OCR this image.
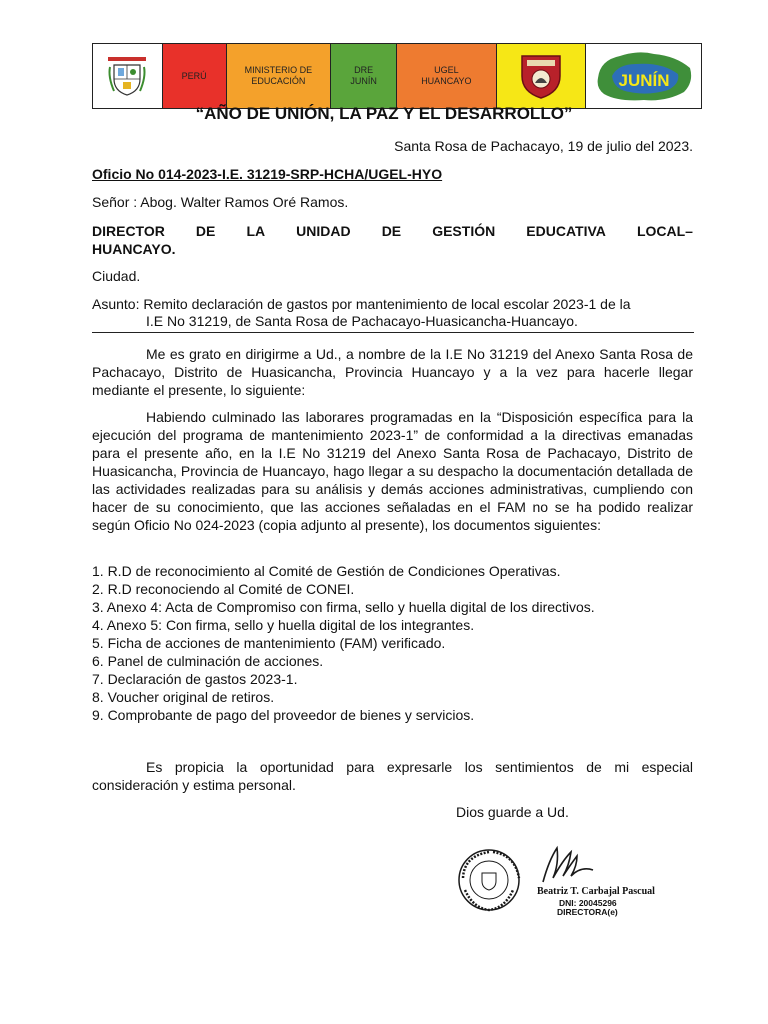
PERÚ
MINISTERIO DE EDUCACIÓN
DRE
JUNÍN
UGEL
HUANCAYO	JUNÍN
“AÑO DE UNIÓN, LA PAZ Y EL DESARROLLO”
Santa Rosa de Pachacayo, 19 de julio del 2023.
Oficio No 014-2023-I.E. 31219-SRP-HCHA/UGEL-HYO
Señor : Abog. Walter Ramos Oré Ramos.
DIRECTOR DE LA UNIDAD DE GESTIÓN EDUCATIVA LOCAL–
HUANCAYO.
Ciudad.
Asunto: Remito declaración de gastos por mantenimiento de local escolar 2023-1 de la
I.E No 31219, de Santa Rosa de Pachacayo-Huasicancha-Huancayo.
Me es grato en dirigirme a Ud., a nombre de la I.E No 31219 del Anexo Santa Rosa de Pachacayo, Distrito de Huasicancha, Provincia Huancayo y a la vez para hacerle llegar mediante el presente, lo siguiente:
Habiendo culminado las laborares programadas en la “Disposición específica para la ejecución del programa de mantenimiento 2023-1” de conformidad a la directivas emanadas para el presente año, en la I.E No 31219 del Anexo Santa Rosa de Pachacayo, Distrito de Huasicancha, Provincia de Huancayo, hago llegar a su despacho la documentación detallada de las actividades realizadas para su análisis y demás acciones administrativas, cumpliendo con hacer de su conocimiento, que las acciones señaladas en el FAM no se ha podido realizar según Oficio No 024-2023 (copia adjunto al presente), los documentos siguientes:
1. R.D de reconocimiento al Comité de Gestión de Condiciones Operativas.
2. R.D reconociendo al Comité de CONEI.
3. Anexo 4: Acta de Compromiso con firma, sello y huella digital de los directivos.
4. Anexo 5: Con firma, sello y huella digital de los integrantes.
5. Ficha de acciones de mantenimiento (FAM) verificado.
6. Panel de culminación de acciones.
7. Declaración de gastos 2023-1.
8. Voucher original de retiros.
9. Comprobante de pago del proveedor de bienes y servicios.
Es propicia la oportunidad para expresarle los sentimientos de mi especial consideración y estima personal.
Dios guarde a Ud.
Beatriz T. Carbajal Pascual
DNI: 20045296
DIRECTORA(e)
